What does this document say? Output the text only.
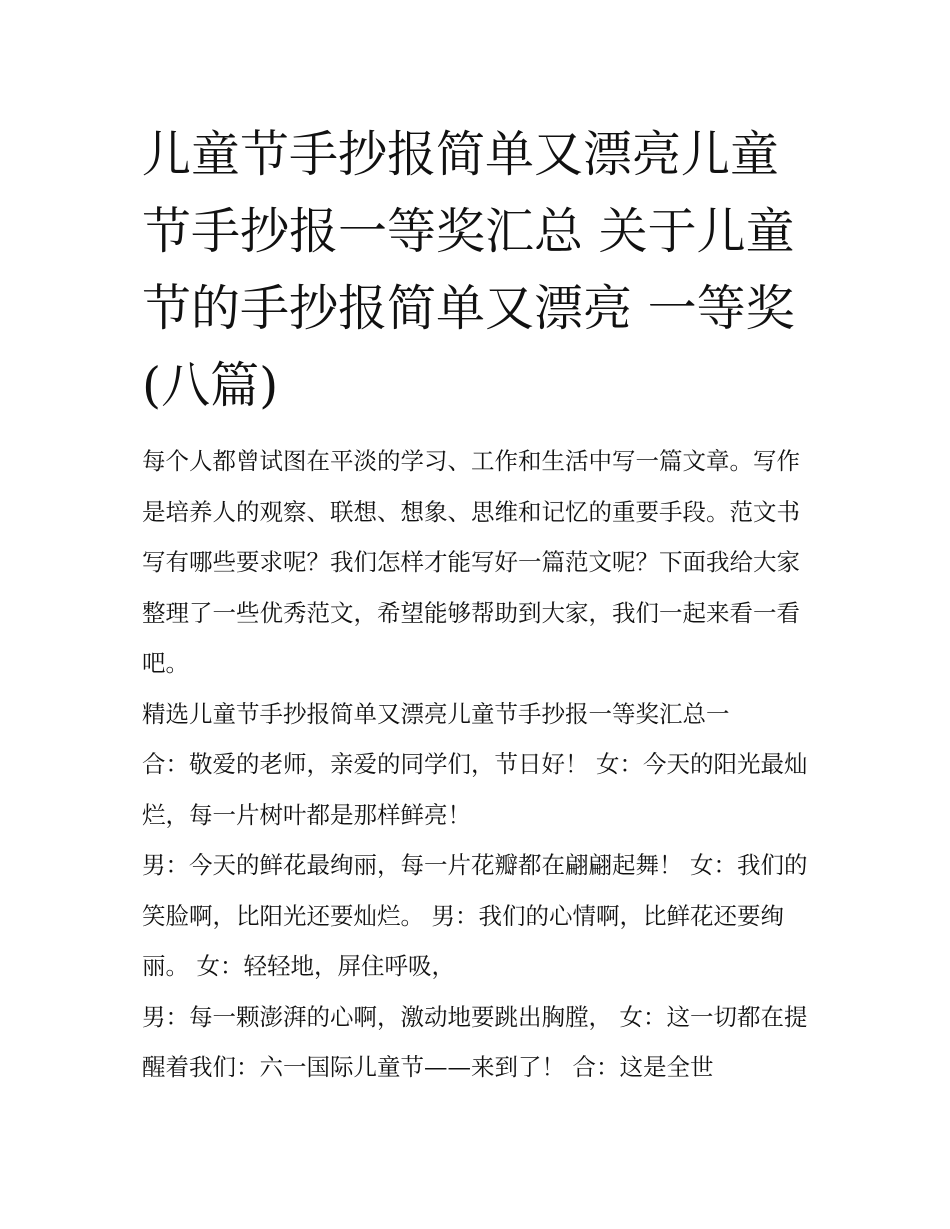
儿童节手抄报简单又漂亮儿童节手抄报一等奖汇总 关于儿童节的手抄报简单又漂亮 一等奖(八篇)

每个人都曾试图在平淡的学习、工作和生活中写一篇文章。写作是培养人的观察、联想、想象、思维和记忆的重要手段。范文书写有哪些要求呢？我们怎样才能写好一篇范文呢？下面我给大家整理了一些优秀范文，希望能够帮助到大家，我们一起来看一看吧。

精选儿童节手抄报简单又漂亮儿童节手抄报一等奖汇总一

合：敬爱的老师，亲爱的同学们，节日好！ 女：今天的阳光最灿烂，每一片树叶都是那样鲜亮！

男：今天的鲜花最绚丽，每一片花瓣都在翩翩起舞！ 女：我们的笑脸啊，比阳光还要灿烂。 男：我们的心情啊，比鲜花还要绚丽。 女：轻轻地，屏住呼吸，

男：每一颗澎湃的心啊，激动地要跳出胸膛， 女：这一切都在提醒着我们：六一国际儿童节——来到了！ 合：这是全世
